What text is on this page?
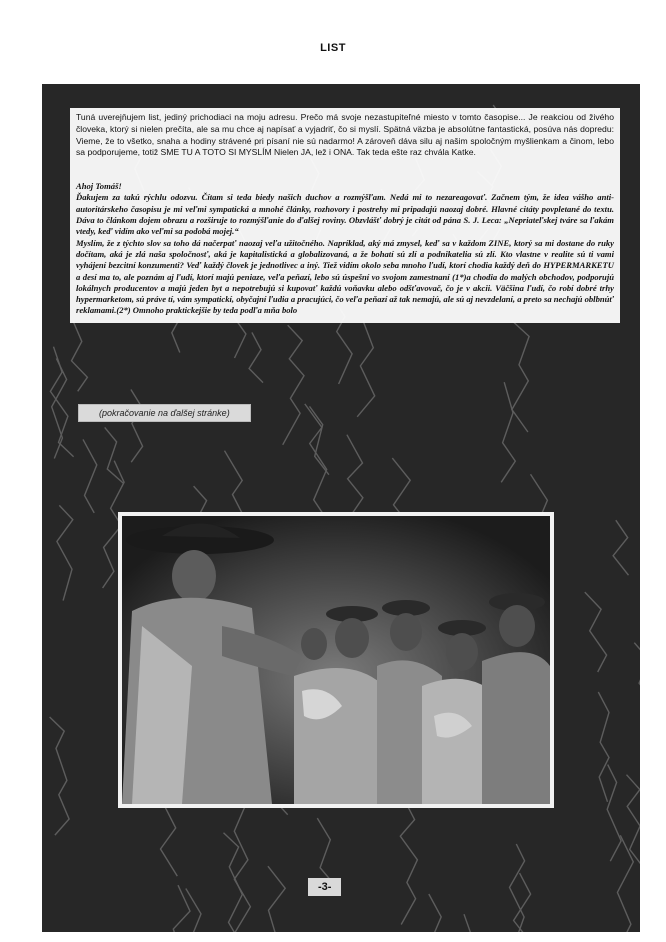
LIST

Tuná uverejňujem list, jediný prichodiaci na moju adresu. Prečo má svoje nezastupiteľné miesto v tomto časopise... Je reakciou od živého človeka, ktorý si nielen prečíta, ale sa mu chce aj napísať a vyjadriť, čo si myslí. Spätná väzba je absolútne fantastická, posúva nás dopredu: Vieme, že to všetko, snaha a hodiny strávené pri písaní nie sú nadarmo! A zároveň dáva silu aj našim spoločným myšlienkam a činom, lebo sa podporujeme, totiž SME TU A TOTO SI MYSLÍM Nielen JA, lež i ONA. Tak teda ešte raz chvála Katke.

Ahoj Tomáš!

Ďakujem za takú rýchlu odozvu. Čítam si teda biedy našich duchov a rozmýšľam. Nedá mi to nezareagovať. Začnem tým, že idea vášho anti-autoritárskeho časopisu je mi veľmi sympatická a mnohé články, rozhovory i postrehy mi pripadajú naozaj dobré. Hlavné citáty povpletané do textu. Dáva to článkom dojem obrazu a rozširuje to rozmýšľanie do ďalšej roviny. Obzvlášť dobrý je citát od pána S. J. Leca: „Nepriateľskej tváre sa ľakám vtedy, keď vidím ako veľmi sa podobá mojej.“

Myslím, že z týchto slov sa toho dá načerpať naozaj veľa užitočného. Napríklad, aký má zmysel, keď sa v každom ZINE, ktorý sa mi dostane do ruky dočítam, aká je zlá naša spoločnosť, aká je kapitalistická a globalizovaná, a že bohatí sú zlí a podnikatelia sú zlí. Kto vlastne v realite sú ti vami vyhájení bezcitní konzumenti? Veď každý človek je jednotlivec a iný. Tiež vidím okolo seba mnoho ľudí, ktorí chodia každý deň do HYPERMARKETU a desí ma to, ale poznám aj ľudí, ktorí majú peniaze, veľa peňazí, lebo sú úspešní vo svojom zamestnaní (1*)a chodia do malých obchodov, podporujú lokálnych producentov a majú jeden byt a nepotrebujú si kupovať každú voňavku alebo odšťavovač, čo je v akcii. Väčšina ľudí, čo robí dobré trhy hypermarketom, sú práve tí, vám sympatickí, obyčajní ľudia a pracujúci, čo veľa peňazí až tak nemajú, ale sú aj nevzdelaní, a preto sa nechajú oblbnúť reklamami.(2*) Omnoho praktickejšie by teda podľa mňa bolo

(pokračovanie na ďalšej stránke)
-3-
